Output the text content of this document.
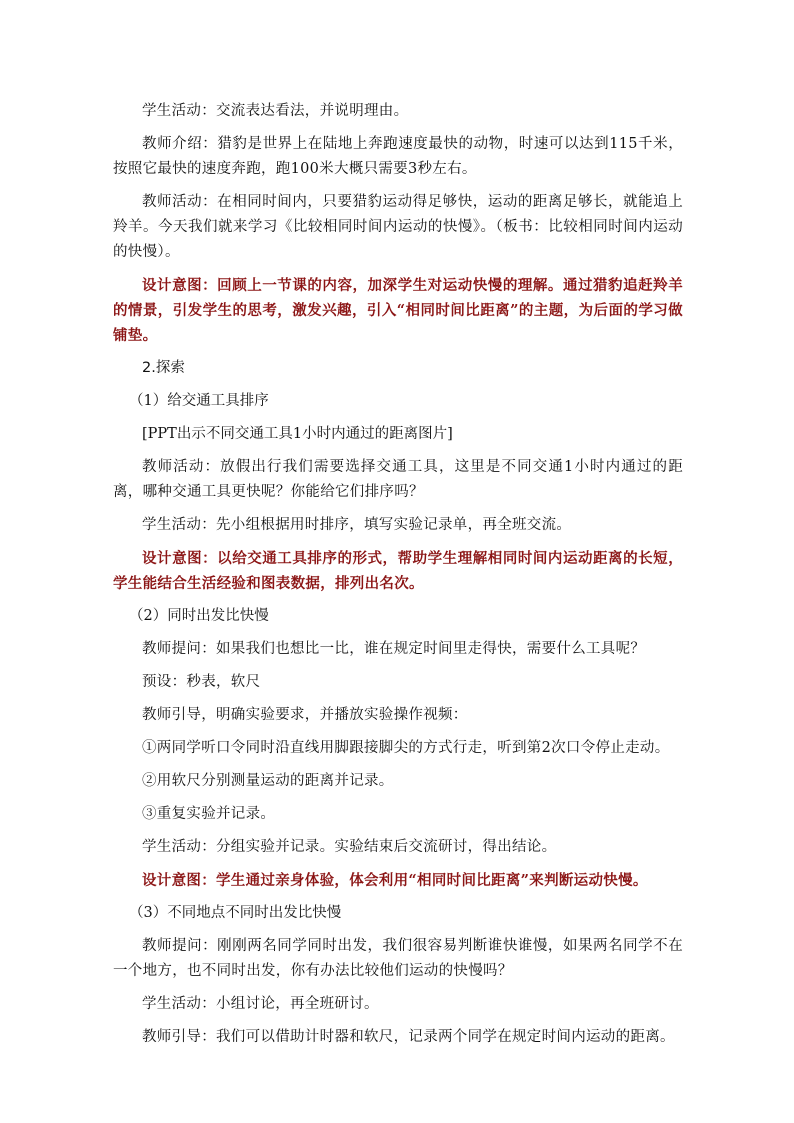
学生活动：交流表达看法，并说明理由。

教师介绍：猎豹是世界上在陆地上奔跑速度最快的动物，时速可以达到115千米，按照它最快的速度奔跑，跑100米大概只需要3秒左右。

教师活动：在相同时间内，只要猎豹运动得足够快，运动的距离足够长，就能追上羚羊。今天我们就来学习《比较相同时间内运动的快慢》。（板书：比较相同时间内运动的快慢）。

设计意图：回顾上一节课的内容，加深学生对运动快慢的理解。通过猎豹追赶羚羊的情景，引发学生的思考，激发兴趣，引入“相同时间比距离”的主题，为后面的学习做铺垫。

2.探索

（1）给交通工具排序

[PPT出示不同交通工具1小时内通过的距离图片]

教师活动：放假出行我们需要选择交通工具，这里是不同交通1小时内通过的距离，哪种交通工具更快呢？你能给它们排序吗？

学生活动：先小组根据用时排序，填写实验记录单，再全班交流。

设计意图：以给交通工具排序的形式，帮助学生理解相同时间内运动距离的长短，学生能结合生活经验和图表数据，排列出名次。

（2）同时出发比快慢

教师提问：如果我们也想比一比，谁在规定时间里走得快，需要什么工具呢？

预设：秒表，软尺

教师引导，明确实验要求，并播放实验操作视频：

①两同学听口令同时沿直线用脚跟接脚尖的方式行走，听到第2次口令停止走动。

②用软尺分别测量运动的距离并记录。

③重复实验并记录。

学生活动：分组实验并记录。实验结束后交流研讨，得出结论。

设计意图：学生通过亲身体验，体会利用“相同时间比距离”来判断运动快慢。

（3）不同地点不同时出发比快慢

教师提问：刚刚两名同学同时出发，我们很容易判断谁快谁慢，如果两名同学不在一个地方，也不同时出发，你有办法比较他们运动的快慢吗？

学生活动：小组讨论，再全班研讨。

教师引导：我们可以借助计时器和软尺，记录两个同学在规定时间内运动的距离。
